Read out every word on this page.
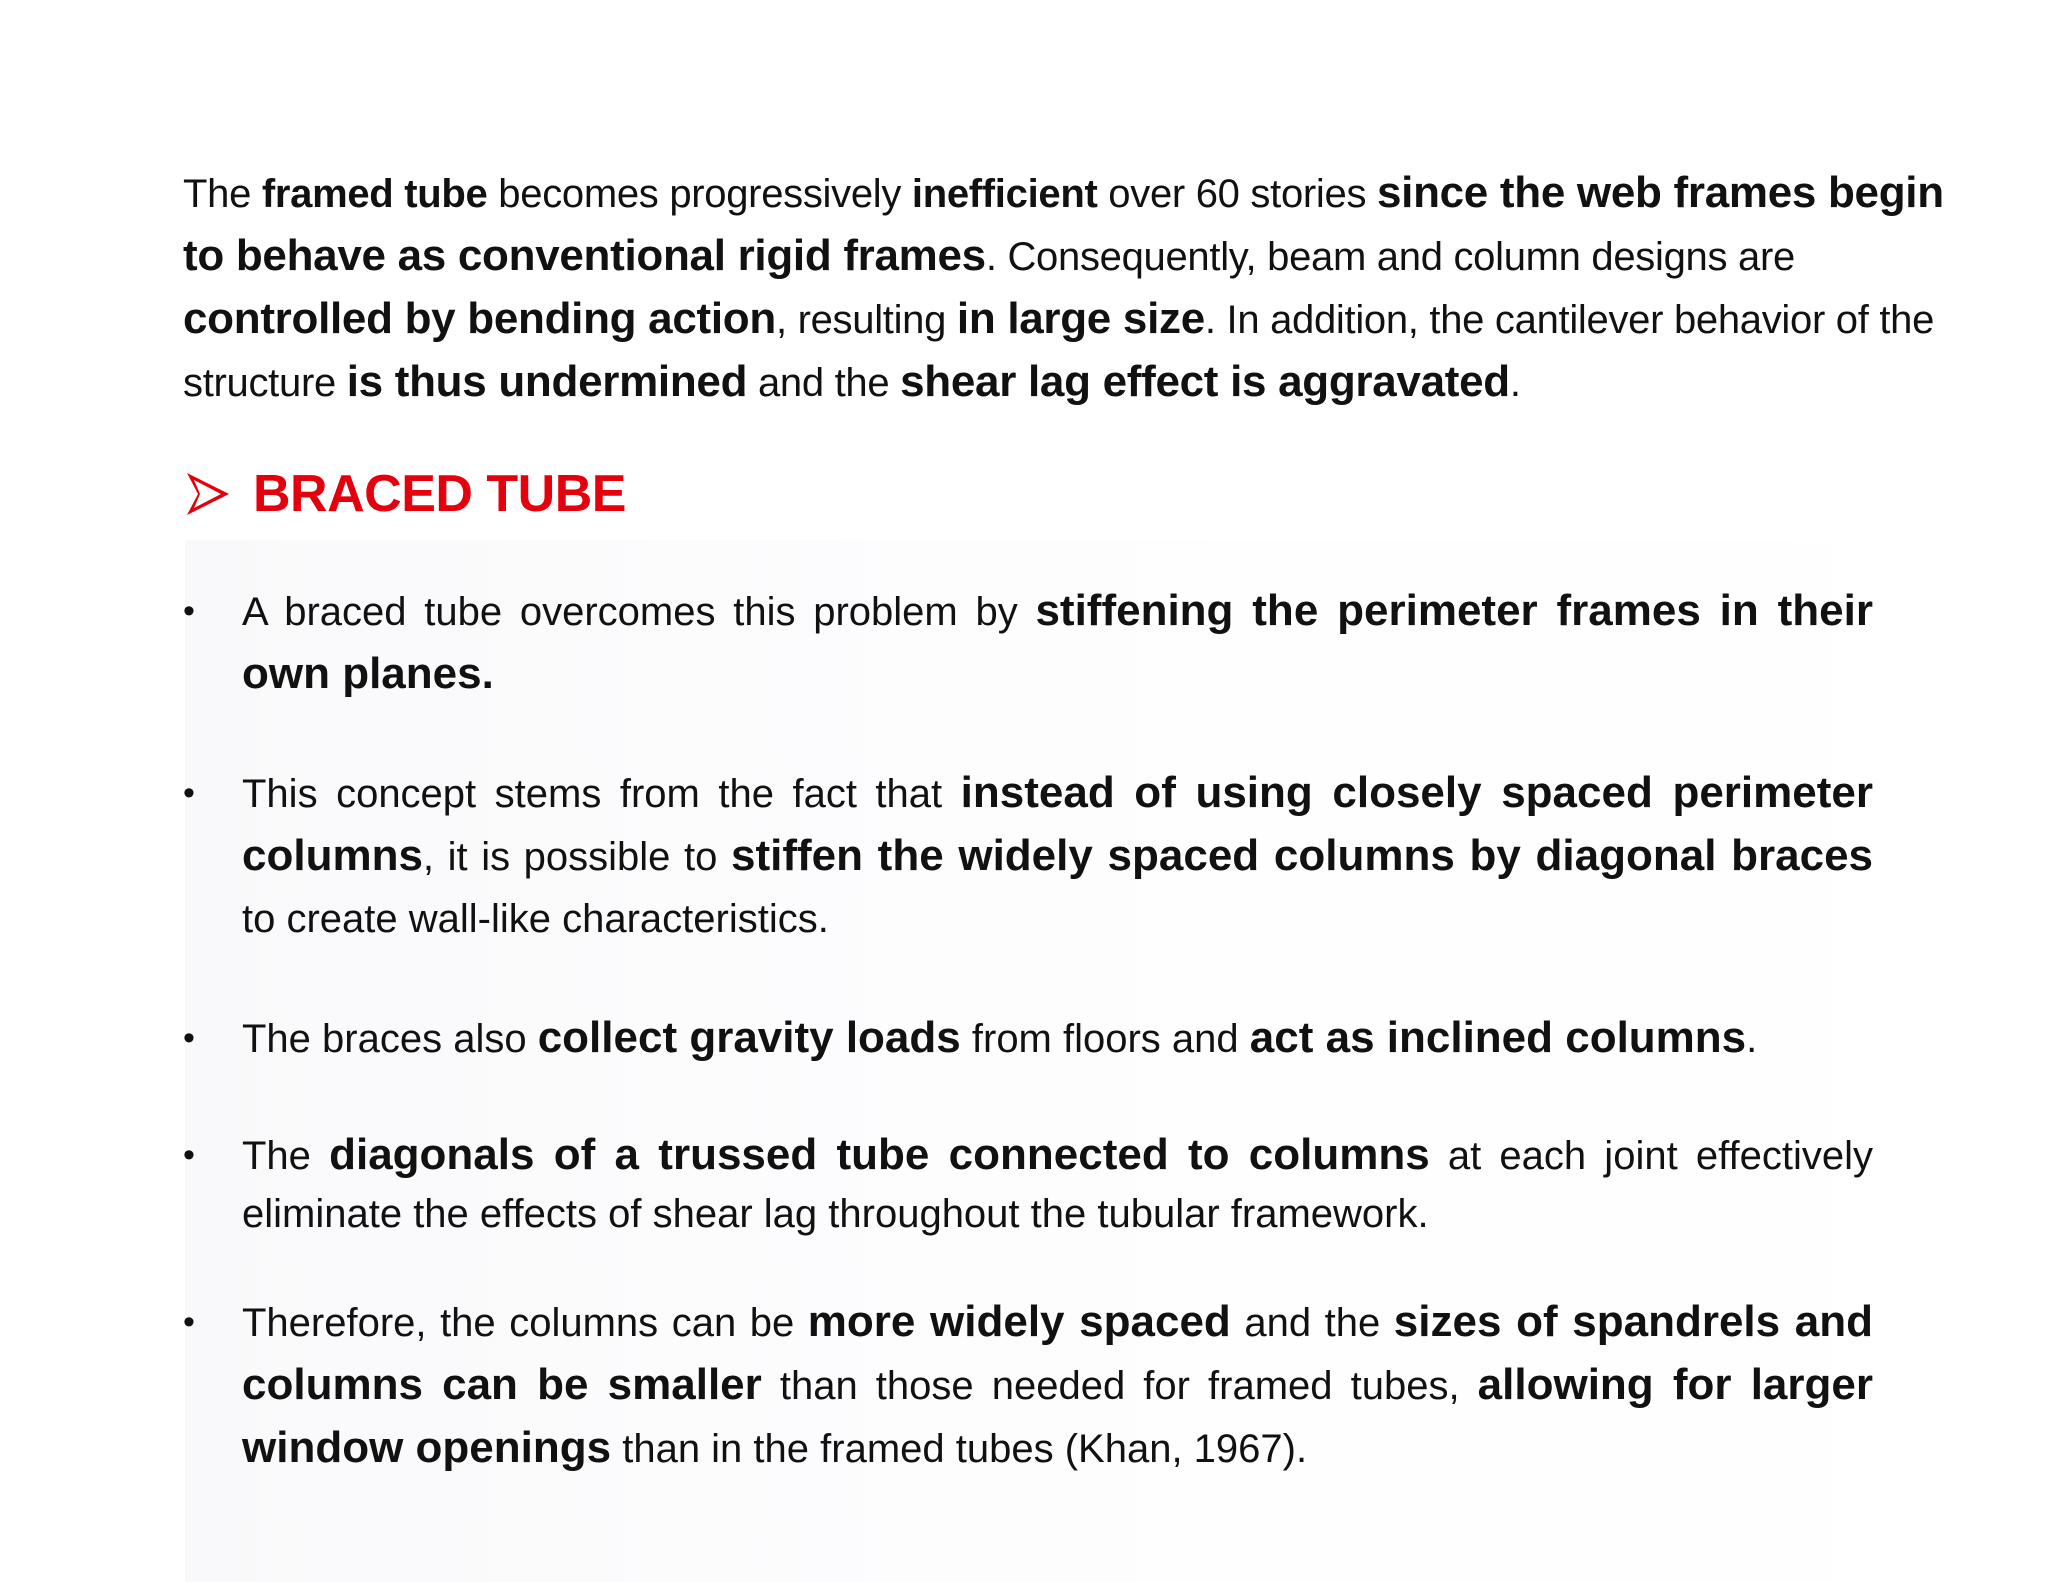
The framed tube becomes progressively inefficient over 60 stories since the web frames begin to behave as conventional rigid frames. Consequently, beam and column designs are controlled by bending action, resulting in large size. In addition, the cantilever behavior of the structure is thus undermined and the shear lag effect is aggravated.

BRACED TUBE
• A braced tube overcomes this problem by stiffening the perimeter frames in their own planes.
• This concept stems from the fact that instead of using closely spaced perimeter columns, it is possible to stiffen the widely spaced columns by diagonal braces to create wall-like characteristics.
• The braces also collect gravity loads from floors and act as inclined columns.
• The diagonals of a trussed tube connected to columns at each joint effectively eliminate the effects of shear lag throughout the tubular framework.
• Therefore, the columns can be more widely spaced and the sizes of spandrels and columns can be smaller than those needed for framed tubes, allowing for larger window openings than in the framed tubes (Khan, 1967).
